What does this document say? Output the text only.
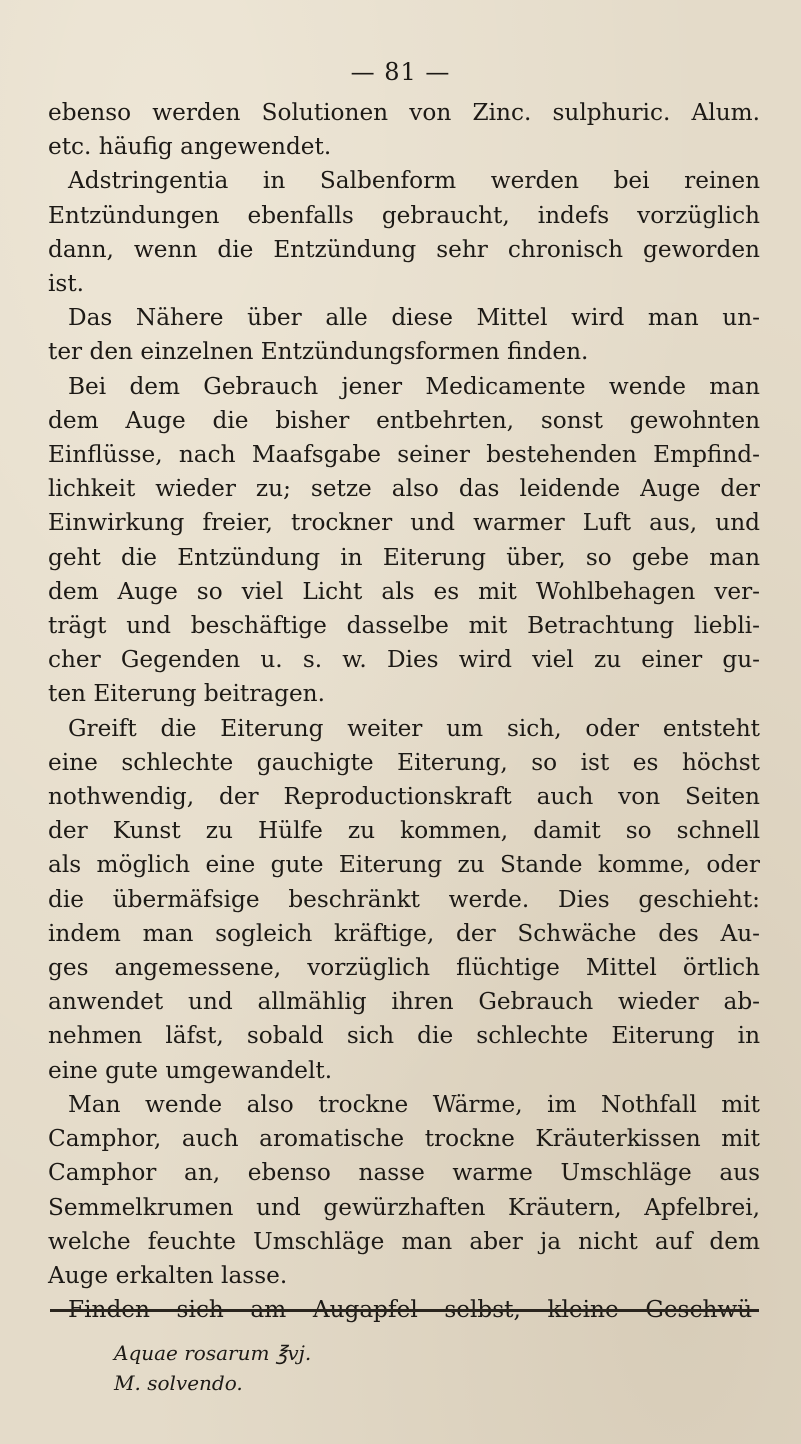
— 81 —
ebenso werden Solutionen von Zinc. sulphuric. Alum.
etc. häufig angewendet.
Adstringentia in Salbenform werden bei reinen
Entzündungen ebenfalls gebraucht, indefs vorzüglich
dann, wenn die Entzündung sehr chronisch geworden
ist.
Das Nähere über alle diese Mittel wird man un-
ter den einzelnen Entzündungsformen finden.
Bei dem Gebrauch jener Medicamente wende man
dem Auge die bisher entbehrten, sonst gewohnten
Einflüsse, nach Maafsgabe seiner bestehenden Empfind-
lichkeit wieder zu; setze also das leidende Auge der
Einwirkung freier, trockner und warmer Luft aus, und
geht die Entzündung in Eiterung über, so gebe man
dem Auge so viel Licht als es mit Wohlbehagen ver-
trägt und beschäftige dasselbe mit Betrachtung liebli-
cher Gegenden u. s. w. Dies wird viel zu einer gu-
ten Eiterung beitragen.
Greift die Eiterung weiter um sich, oder entsteht
eine schlechte gauchigte Eiterung, so ist es höchst
nothwendig, der Reproductionskraft auch von Seiten
der Kunst zu Hülfe zu kommen, damit so schnell
als möglich eine gute Eiterung zu Stande komme, oder
die übermäfsige beschränkt werde. Dies geschieht:
indem man sogleich kräftige, der Schwäche des Au-
ges angemessene, vorzüglich flüchtige Mittel örtlich
anwendet und allmählig ihren Gebrauch wieder ab-
nehmen läfst, sobald sich die schlechte Eiterung in
eine gute umgewandelt.
Man wende also trockne Wärme, im Nothfall mit
Camphor, auch aromatische trockne Kräuterkissen mit
Camphor an, ebenso nasse warme Umschläge aus
Semmelkrumen und gewürzhaften Kräutern, Apfelbrei,
welche feuchte Umschläge man aber ja nicht auf dem
Auge erkalten lasse.
Finden sich am Augapfel selbst, kleine Geschwü-
Aquae rosarum ℥vj.
M. solvendo.
